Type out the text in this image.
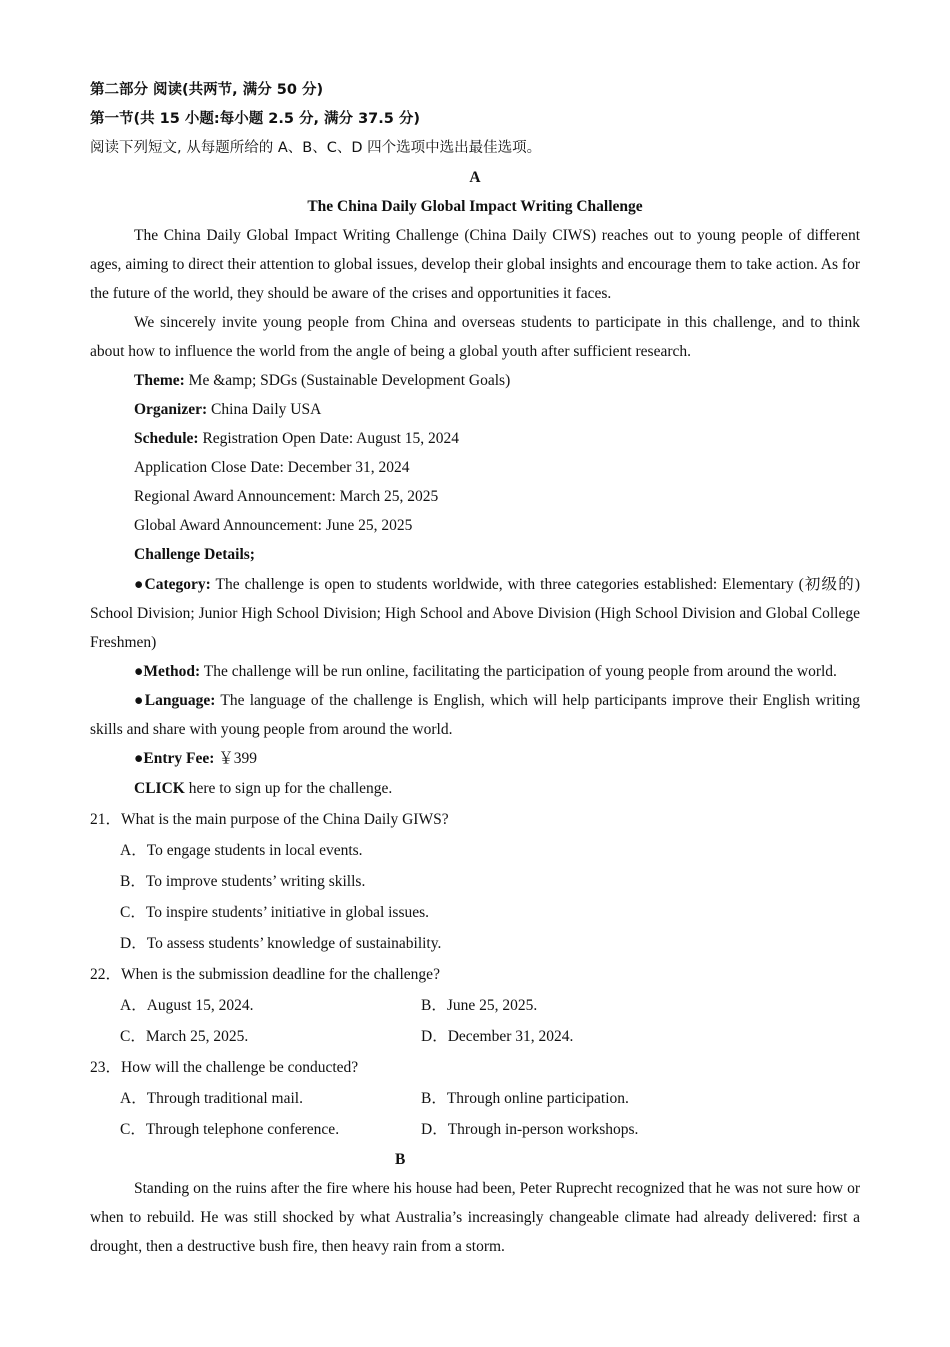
第二部分 阅读(共两节, 满分 50 分)
第一节(共 15 小题:每小题 2.5 分, 满分 37.5 分)
阅读下列短文, 从每题所给的 A、B、C、D 四个选项中选出最佳选项。
A
The China Daily Global Impact Writing Challenge

The China Daily Global Impact Writing Challenge (China Daily CIWS) reaches out to young people of different ages, aiming to direct their attention to global issues, develop their global insights and encourage them to take action. As for the future of the world, they should be aware of the crises and opportunities it faces.

We sincerely invite young people from China and overseas students to participate in this challenge, and to think about how to influence the world from the angle of being a global youth after sufficient research.

Theme: Me &amp; SDGs (Sustainable Development Goals)
Organizer: China Daily USA
Schedule: Registration Open Date: August 15, 2024
Application Close Date: December 31, 2024
Regional Award Announcement: March 25, 2025
Global Award Announcement: June 25, 2025
Challenge Details;

●Category: The challenge is open to students worldwide, with three categories established: Elementary (初级的) School Division; Junior High School Division; High School and Above Division (High School Division and Global College Freshmen)

●Method: The challenge will be run online, facilitating the participation of young people from around the world.

●Language: The language of the challenge is English, which will help participants improve their English writing skills and share with young people from around the world.

●Entry Fee: ￥399
CLICK here to sign up for the challenge.
21．What is the main purpose of the China Daily GIWS?
A．To engage students in local events.
B．To improve students’ writing skills.
C．To inspire students’ initiative in global issues.
D．To assess students’ knowledge of sustainability.
22．When is the submission deadline for the challenge?
A．August 15, 2024.	B．June 25, 2025.
C．March 25, 2025.	D．December 31, 2024.
23．How will the challenge be conducted?
A．Through traditional mail.	B．Through online participation.
C．Through telephone conference.	D．Through in-person workshops.
B

Standing on the ruins after the fire where his house had been, Peter Ruprecht recognized that he was not sure how or when to rebuild. He was still shocked by what Australia’s increasingly changeable climate had already delivered: first a drought, then a destructive bush fire, then heavy rain from a storm.
